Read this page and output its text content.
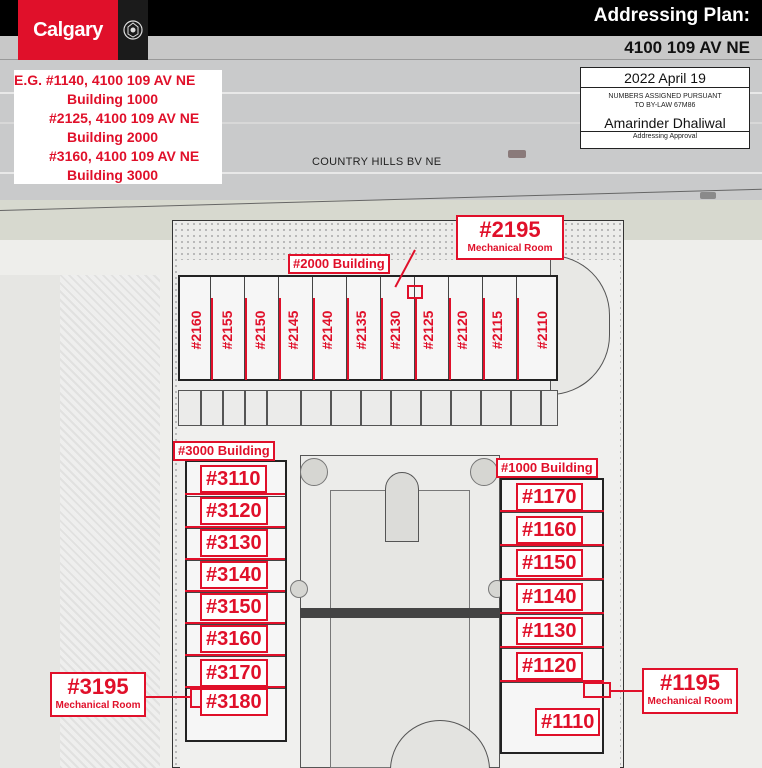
Calgary
Addressing Plan:
4100 109 AV NE
COUNTRY HILLS BV NE
#2160 #2155 #2150 #2145 #2140 #2135 #2130 #2125 #2120 #2115 #2110
#2000 Building
#2195
Mechanical Room
#3000 Building
#3110
#3120
#3130
#3140
#3150
#3160
#3170
#3180
#3195
Mechanical Room
#1000 Building
#1170
#1160
#1150
#1140
#1130
#1120
#1110
#1195
Mechanical Room
E.G. #1140, 4100 109 AV NE
Building 1000
#2125, 4100 109 AV NE
Building 2000
#3160, 4100 109 AV NE
Building 3000
2022 April 19
NUMBERS ASSIGNED PURSUANT
TO BY-LAW 67M86
Amarinder Dhaliwal
Addressing Approval
